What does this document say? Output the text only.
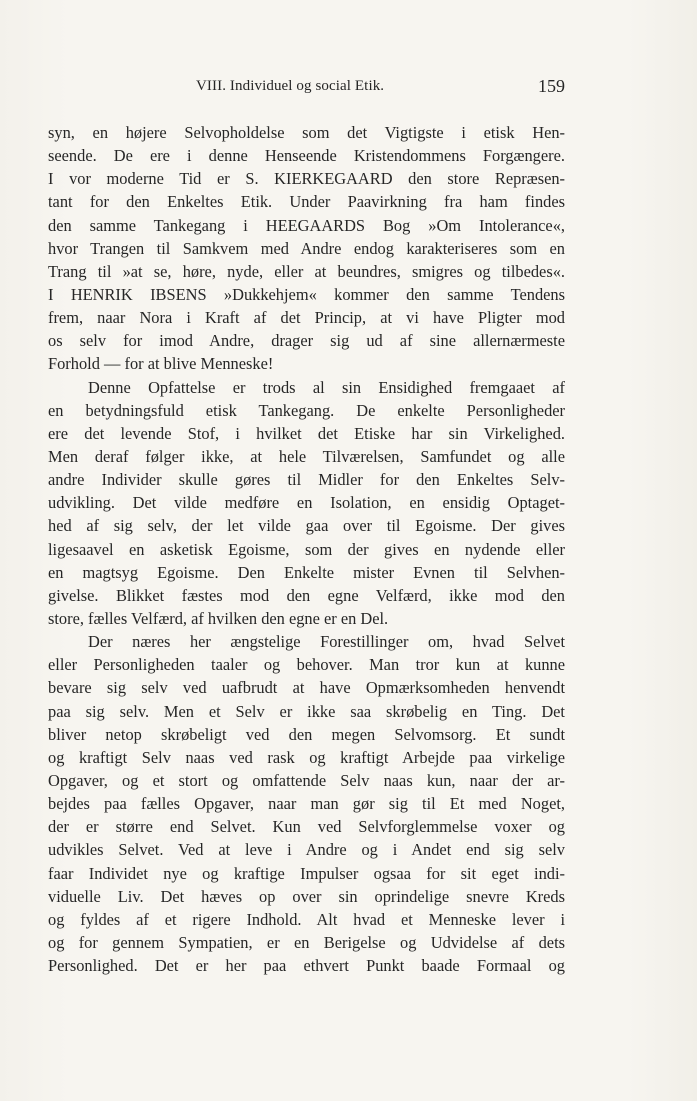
VIII. Individuel og social Etik.	159
syn, en højere Selvopholdelse som det Vigtigste i etisk Hen-
seende. De ere i denne Henseende Kristendommens Forgængere.
I vor moderne Tid er S. KIERKEGAARD den store Repræsen-
tant for den Enkeltes Etik. Under Paavirkning fra ham findes
den samme Tankegang i HEEGAARDS Bog »Om Intolerance«,
hvor Trangen til Samkvem med Andre endog karakteriseres som en
Trang til »at se, høre, nyde, eller at beundres, smigres og tilbedes«.
I HENRIK IBSENS »Dukkehjem« kommer den samme Tendens
frem, naar Nora i Kraft af det Princip, at vi have Pligter mod
os selv for imod Andre, drager sig ud af sine allernærmeste
Forhold — for at blive Menneske!
Denne Opfattelse er trods al sin Ensidighed fremgaaet af
en betydningsfuld etisk Tankegang. De enkelte Personligheder
ere det levende Stof, i hvilket det Etiske har sin Virkelighed.
Men deraf følger ikke, at hele Tilværelsen, Samfundet og alle
andre Individer skulle gøres til Midler for den Enkeltes Selv-
udvikling. Det vilde medføre en Isolation, en ensidig Optaget-
hed af sig selv, der let vilde gaa over til Egoisme. Der gives
ligesaavel en asketisk Egoisme, som der gives en nydende eller
en magtsyg Egoisme. Den Enkelte mister Evnen til Selvhen-
givelse. Blikket fæstes mod den egne Velfærd, ikke mod den
store, fælles Velfærd, af hvilken den egne er en Del.
Der næres her ængstelige Forestillinger om, hvad Selvet
eller Personligheden taaler og behover. Man tror kun at kunne
bevare sig selv ved uafbrudt at have Opmærksomheden henvendt
paa sig selv. Men et Selv er ikke saa skrøbelig en Ting. Det
bliver netop skrøbeligt ved den megen Selvomsorg. Et sundt
og kraftigt Selv naas ved rask og kraftigt Arbejde paa virkelige
Opgaver, og et stort og omfattende Selv naas kun, naar der ar-
bejdes paa fælles Opgaver, naar man gør sig til Et med Noget,
der er større end Selvet. Kun ved Selvforglemmelse voxer og
udvikles Selvet. Ved at leve i Andre og i Andet end sig selv
faar Individet nye og kraftige Impulser ogsaa for sit eget indi-
viduelle Liv. Det hæves op over sin oprindelige snevre Kreds
og fyldes af et rigere Indhold. Alt hvad et Menneske lever i
og for gennem Sympatien, er en Berigelse og Udvidelse af dets
Personlighed. Det er her paa ethvert Punkt baade Formaal og
